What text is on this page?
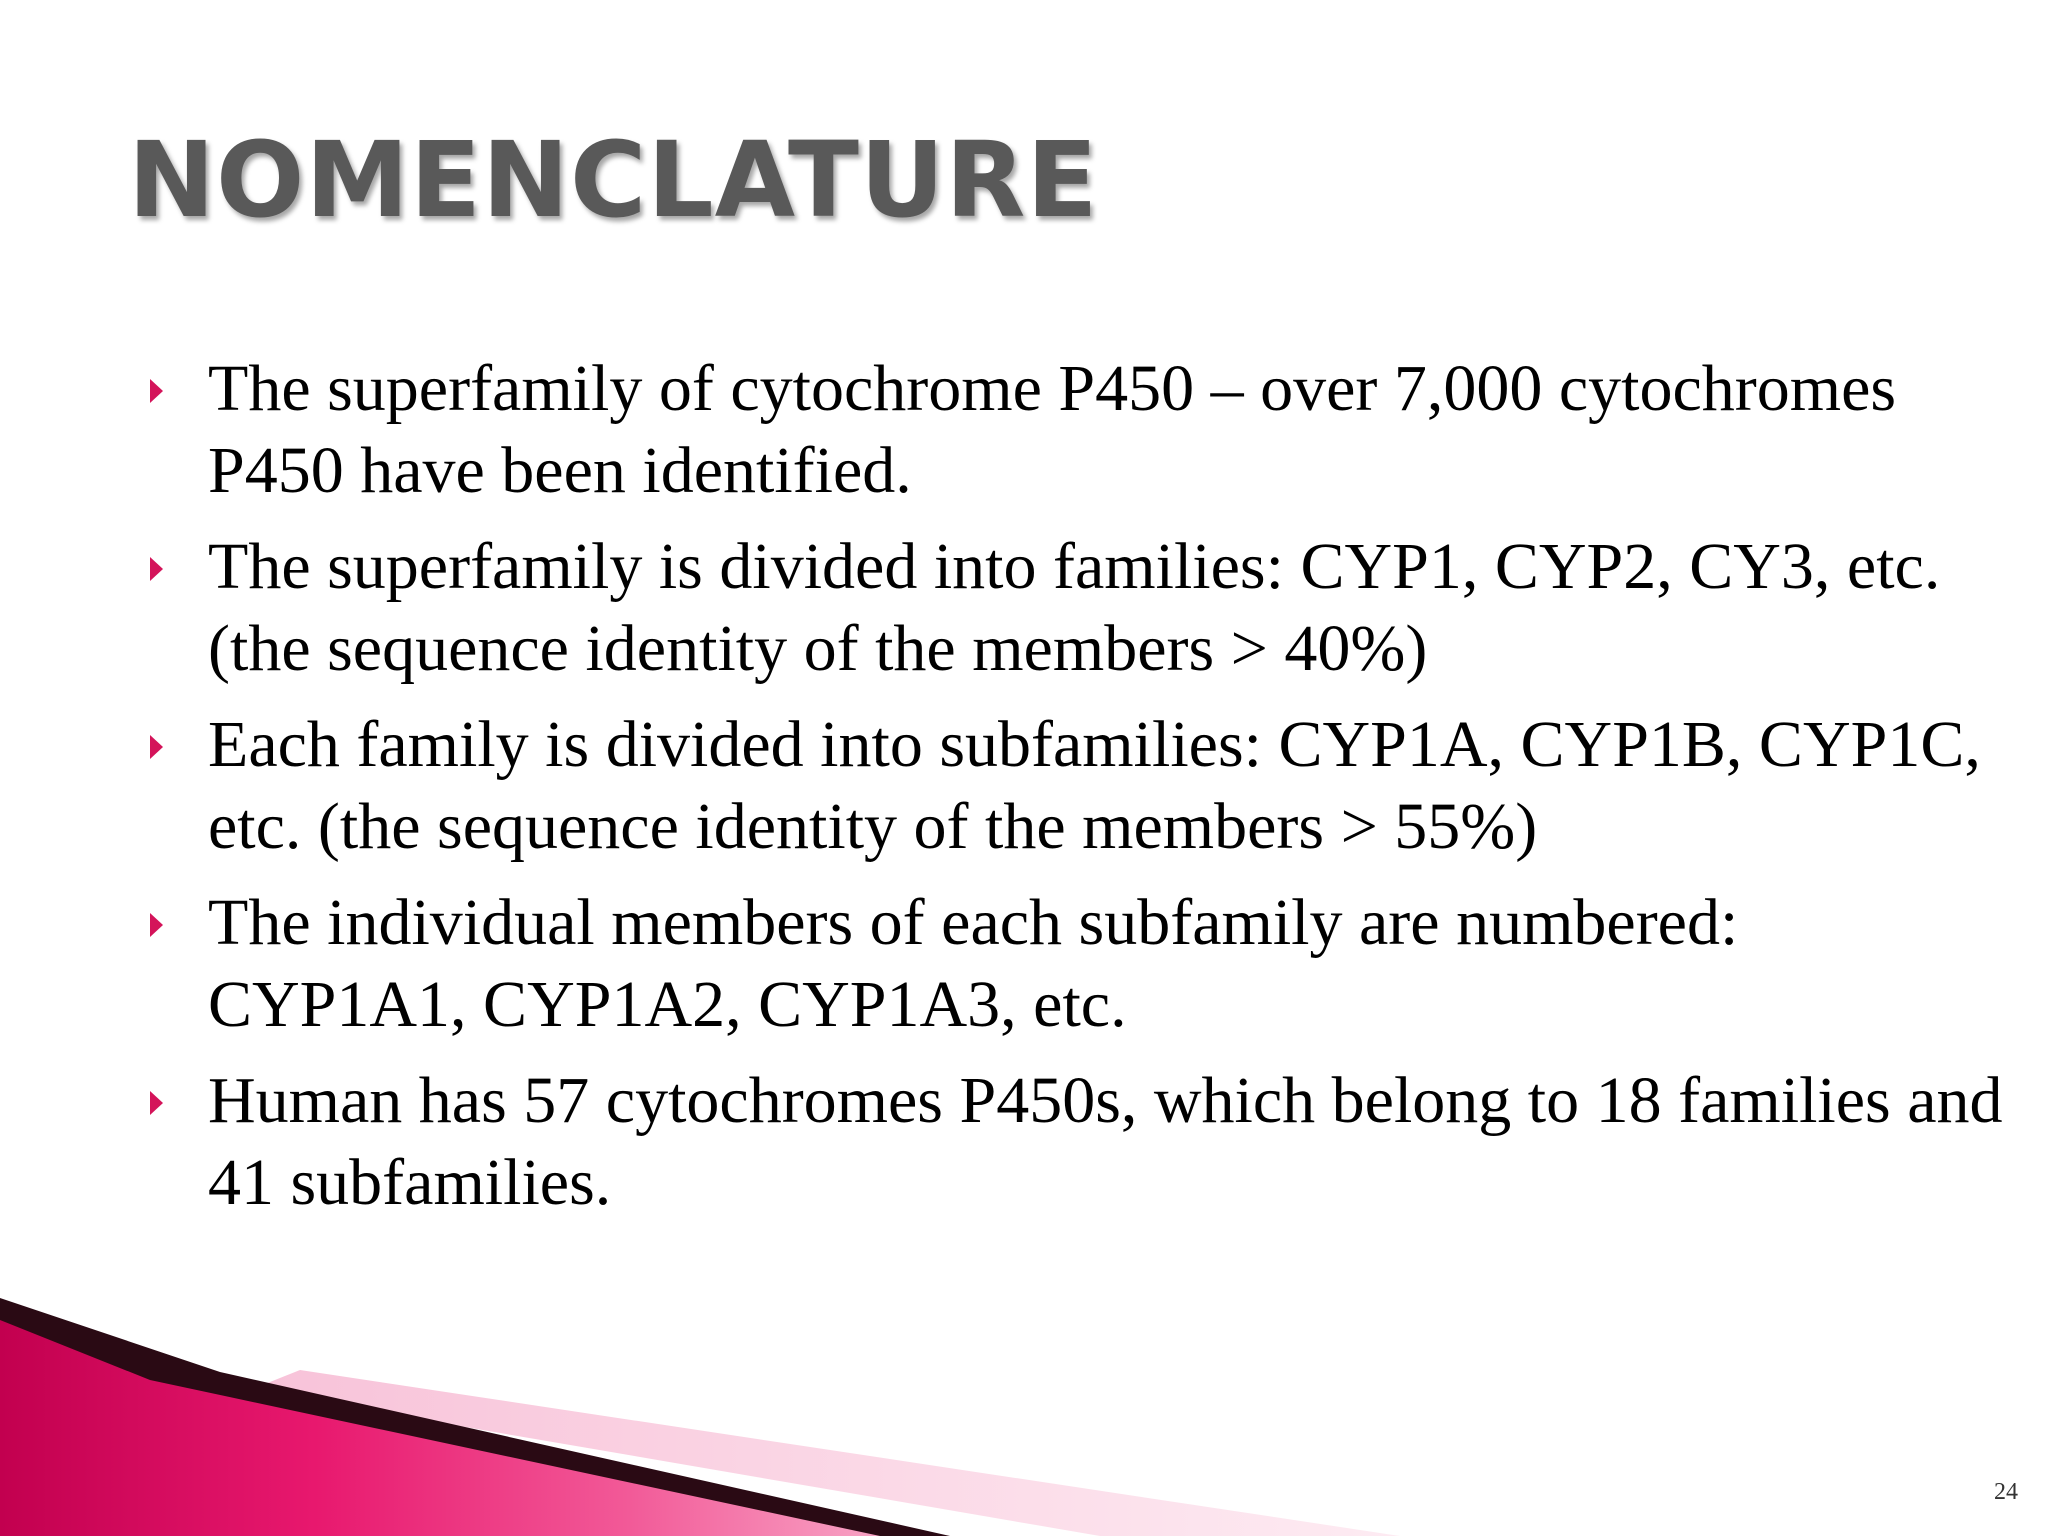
NOMENCLATURE
The superfamily of cytochrome P450 – over 7,000 cytochromes P450 have been identified.
The superfamily is divided into families: CYP1, CYP2, CY3, etc. (the sequence identity of the members > 40%)
Each family is divided into subfamilies: CYP1A, CYP1B, CYP1C, etc. (the sequence identity of the members > 55%)
The individual members of each subfamily are numbered: CYP1A1, CYP1A2, CYP1A3, etc.
Human has 57 cytochromes P450s, which belong to 18 families and 41 subfamilies.
24
